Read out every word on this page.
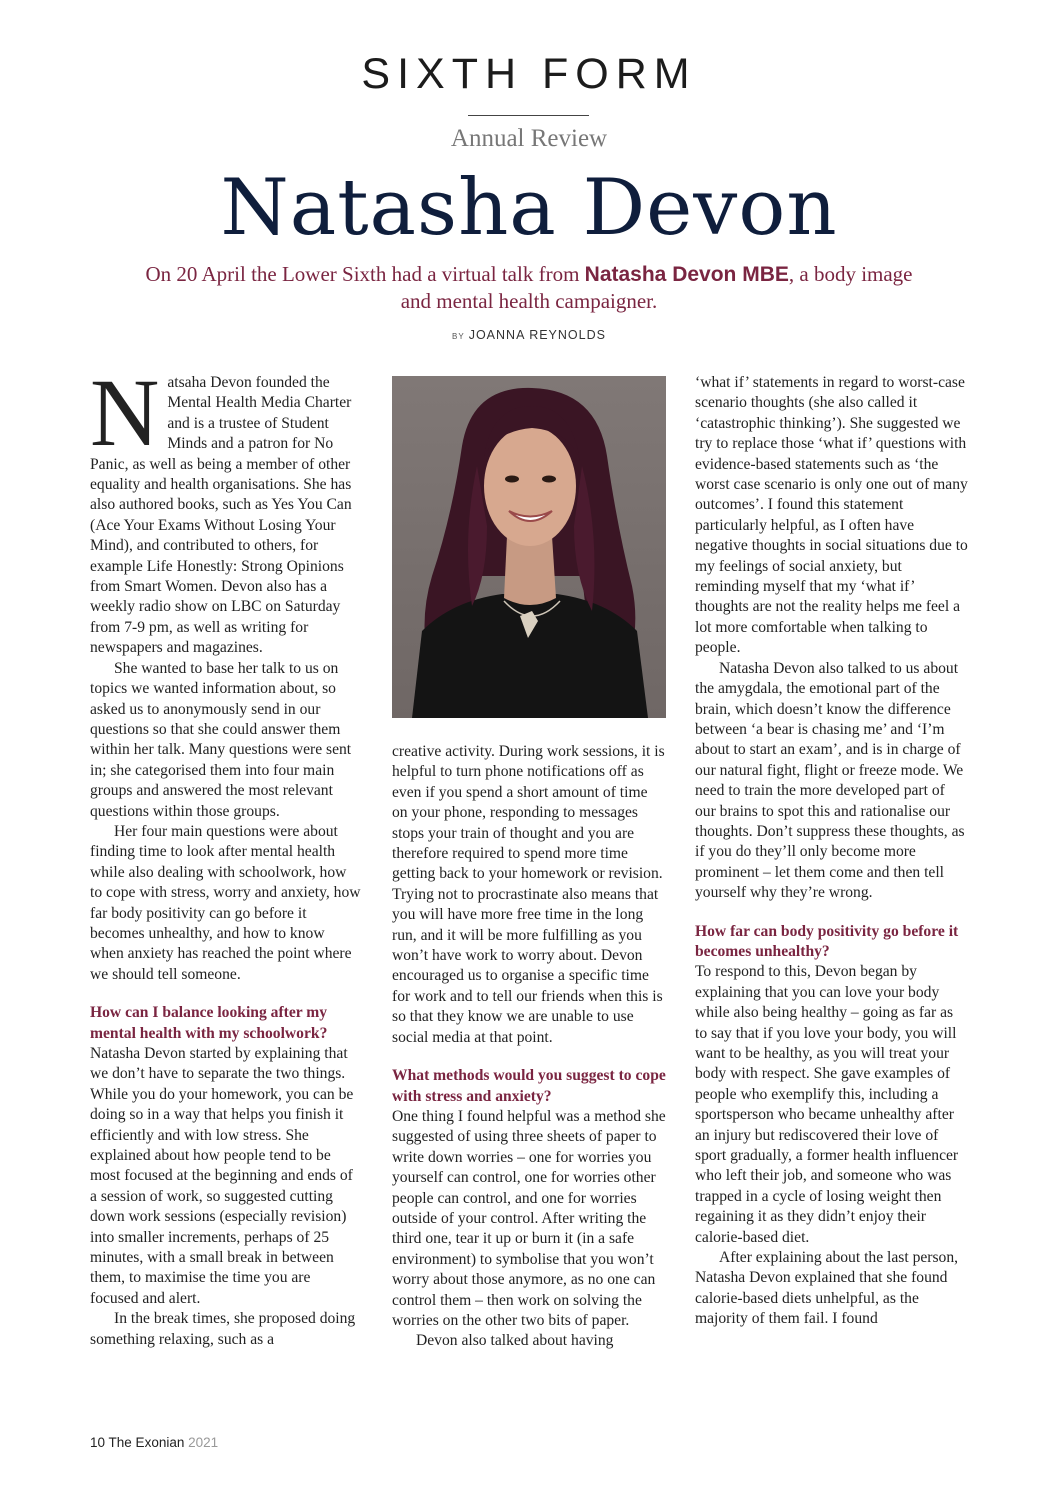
SIXTH FORM
Annual Review
Natasha Devon
On 20 April the Lower Sixth had a virtual talk from Natasha Devon MBE, a body image and mental health campaigner.
BY JOANNA REYNOLDS
N atsaha Devon founded the Mental Health Media Charter and is a trustee of Student Minds and a patron for No Panic, as well as being a member of other equality and health organisations. She has also authored books, such as Yes You Can (Ace Your Exams Without Losing Your Mind), and contributed to others, for example Life Honestly: Strong Opinions from Smart Women. Devon also has a weekly radio show on LBC on Saturday from 7-9 pm, as well as writing for newspapers and magazines.

She wanted to base her talk to us on topics we wanted information about, so asked us to anonymously send in our questions so that she could answer them within her talk. Many questions were sent in; she categorised them into four main groups and answered the most relevant questions within those groups.

Her four main questions were about finding time to look after mental health while also dealing with schoolwork, how to cope with stress, worry and anxiety, how far body positivity can go before it becomes unhealthy, and how to know when anxiety has reached the point where we should tell someone.

How can I balance looking after my mental health with my schoolwork?

Natasha Devon started by explaining that we don’t have to separate the two things. While you do your homework, you can be doing so in a way that helps you finish it efficiently and with low stress. She explained about how people tend to be most focused at the beginning and ends of a session of work, so suggested cutting down work sessions (especially revision) into smaller increments, perhaps of 25 minutes, with a small break in between them, to maximise the time you are focused and alert.

In the break times, she proposed doing something relaxing, such as a

creative activity. During work sessions, it is helpful to turn phone notifications off as even if you spend a short amount of time on your phone, responding to messages stops your train of thought and you are therefore required to spend more time getting back to your homework or revision. Trying not to procrastinate also means that you will have more free time in the long run, and it will be more fulfilling as you won’t have work to worry about. Devon encouraged us to organise a specific time for work and to tell our friends when this is so that they know we are unable to use social media at that point.

What methods would you suggest to cope with stress and anxiety?

One thing I found helpful was a method she suggested of using three sheets of paper to write down worries – one for worries you yourself can control, one for worries other people can control, and one for worries outside of your control. After writing the third one, tear it up or burn it (in a safe environment) to symbolise that you won’t worry about those anymore, as no one can control them – then work on solving the worries on the other two bits of paper.

Devon also talked about having

‘what if’ statements in regard to worst-case scenario thoughts (she also called it ‘catastrophic thinking’). She suggested we try to replace those ‘what if’ questions with evidence-based statements such as ‘the worst case scenario is only one out of many outcomes’. I found this statement particularly helpful, as I often have negative thoughts in social situations due to my feelings of social anxiety, but reminding myself that my ‘what if’ thoughts are not the reality helps me feel a lot more comfortable when talking to people.

Natasha Devon also talked to us about the amygdala, the emotional part of the brain, which doesn’t know the difference between ‘a bear is chasing me’ and ‘I’m about to start an exam’, and is in charge of our natural fight, flight or freeze mode. We need to train the more developed part of our brains to spot this and rationalise our thoughts. Don’t suppress these thoughts, as if you do they’ll only become more prominent – let them come and then tell yourself why they’re wrong.

How far can body positivity go before it becomes unhealthy?

To respond to this, Devon began by explaining that you can love your body while also being healthy – going as far as to say that if you love your body, you will want to be healthy, as you will treat your body with respect. She gave examples of people who exemplify this, including a sportsperson who became unhealthy after an injury but rediscovered their love of sport gradually, a former health influencer who left their job, and someone who was trapped in a cycle of losing weight then regaining it as they didn’t enjoy their calorie-based diet.

After explaining about the last person, Natasha Devon explained that she found calorie-based diets unhelpful, as the majority of them fail. I found

10 The Exonian 2021
